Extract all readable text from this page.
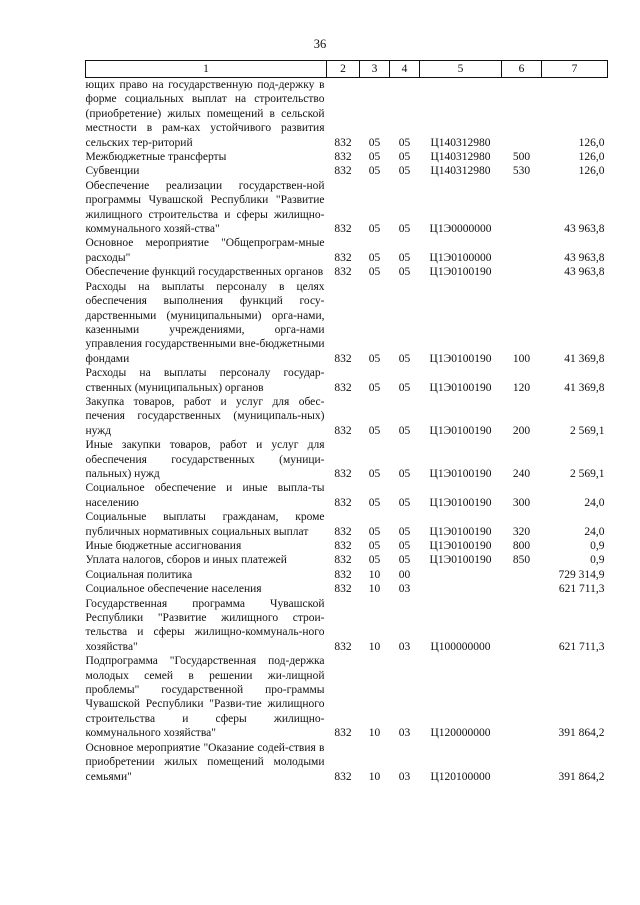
36
1	2	3	4	5	6	7
ющих право на государственную под-держку в форме социальных выплат на строительство (приобретение) жилых помещений в сельской местности в рам-ках устойчивого развития сельских тер-риторий	832	05	05	Ц140312980		126,0
Межбюджетные трансферты	832	05	05	Ц140312980	500	126,0
Субвенции	832	05	05	Ц140312980	530	126,0
Обеспечение реализации государствен-ной программы Чувашской Республики "Развитие жилищного строительства и сферы жилищно-коммунального хозяй-ства"	832	05	05	Ц1Э0000000		43 963,8
Основное мероприятие "Общепрограм-мные расходы"	832	05	05	Ц1Э0100000		43 963,8
Обеспечение функций государственных органов	832	05	05	Ц1Э0100190		43 963,8
Расходы на выплаты персоналу в целях обеспечения выполнения функций госу-дарственными (муниципальными) орга-нами, казенными учреждениями, орга-нами управления государственными вне-бюджетными фондами	832	05	05	Ц1Э0100190	100	41 369,8
Расходы на выплаты персоналу государ-ственных (муниципальных) органов	832	05	05	Ц1Э0100190	120	41 369,8
Закупка товаров, работ и услуг для обес-печения государственных (муниципаль-ных) нужд	832	05	05	Ц1Э0100190	200	2 569,1
Иные закупки товаров, работ и услуг для обеспечения государственных (муници-пальных) нужд	832	05	05	Ц1Э0100190	240	2 569,1
Социальное обеспечение и иные выпла-ты населению	832	05	05	Ц1Э0100190	300	24,0
Социальные выплаты гражданам, кроме публичных нормативных социальных выплат	832	05	05	Ц1Э0100190	320	24,0
Иные бюджетные ассигнования	832	05	05	Ц1Э0100190	800	0,9
Уплата налогов, сборов и иных платежей	832	05	05	Ц1Э0100190	850	0,9
Социальная политика	832	10	00			729 314,9
Социальное обеспечение населения	832	10	03			621 711,3
Государственная программа Чувашской Республики "Развитие жилищного строи-тельства и сферы жилищно-коммуналь-ного хозяйства"	832	10	03	Ц100000000		621 711,3
Подпрограмма "Государственная под-держка молодых семей в решении жи-лищной проблемы" государственной про-граммы Чувашской Республики "Разви-тие жилищного строительства и сферы жилищно-коммунального хозяйства"	832	10	03	Ц120000000		391 864,2
Основное мероприятие "Оказание содей-ствия в приобретении жилых помещений молодыми семьями"	832	10	03	Ц120100000		391 864,2
